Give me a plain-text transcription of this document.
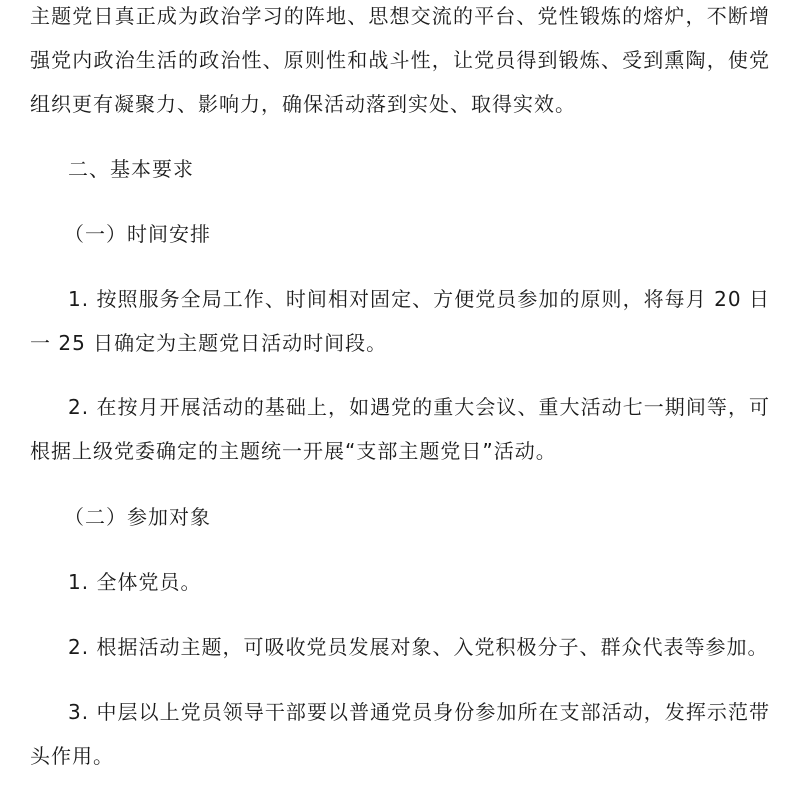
主题党日真正成为政治学习的阵地、思想交流的平台、党性锻炼的熔炉，不断增
强党内政治生活的政治性、原则性和战斗性，让党员得到锻炼、受到熏陶，使党
组织更有凝聚力、影响力，确保活动落到实处、取得实效。
二、基本要求
（一）时间安排
1. 按照服务全局工作、时间相对固定、方便党员参加的原则，将每月 20 日
一 25 日确定为主题党日活动时间段。
2. 在按月开展活动的基础上，如遇党的重大会议、重大活动七一期间等，可
根据上级党委确定的主题统一开展“支部主题党日”活动。
（二）参加对象
1. 全体党员。
2. 根据活动主题，可吸收党员发展对象、入党积极分子、群众代表等参加。
3. 中层以上党员领导干部要以普通党员身份参加所在支部活动，发挥示范带
头作用。
